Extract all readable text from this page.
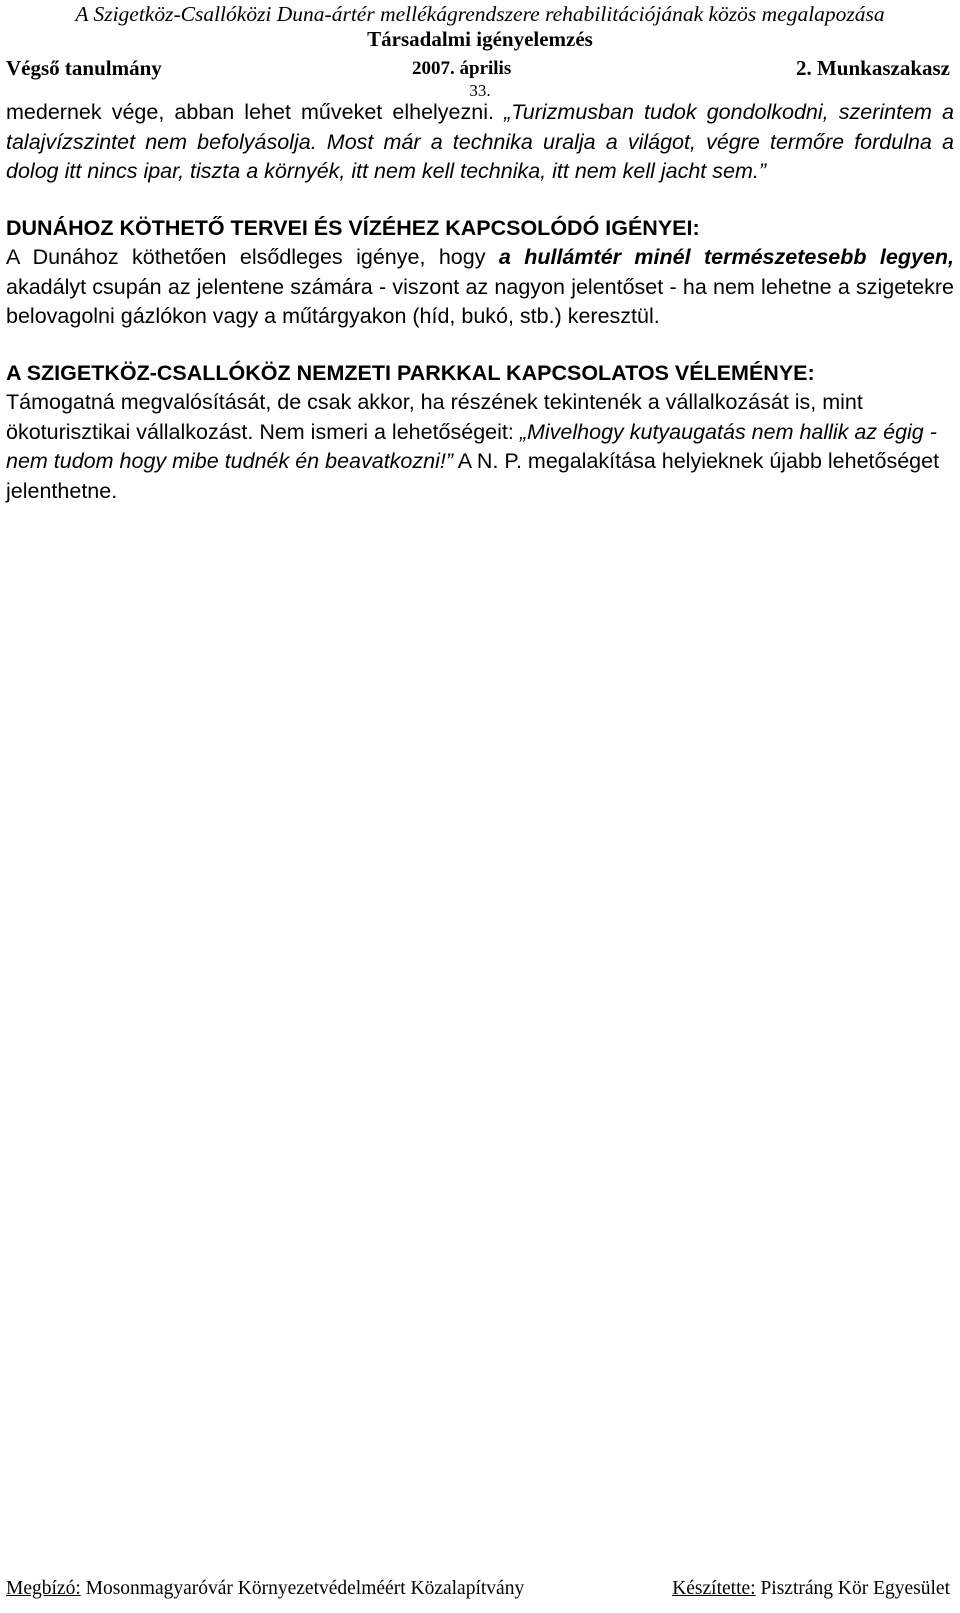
A Szigetköz-Csallóközi Duna-ártér mellékágrendszere rehabilitációjának közös megalapozása
Társadalmi igényelemzés
Végső tanulmány	2007. április	2. Munkaszakasz
33.

medernek vége, abban lehet műveket elhelyezni. „Turizmusban tudok gondolkodni, szerintem a talajvízszintet nem befolyásolja. Most már a technika uralja a világot, végre termőre fordulna a dolog itt nincs ipar, tiszta a környék, itt nem kell technika, itt nem kell jacht sem.”

DUNÁHOZ KÖTHETŐ TERVEI ÉS VÍZÉHEZ KAPCSOLÓDÓ IGÉNYEI:

A Dunához köthetően elsődleges igénye, hogy a hullámtér minél természetesebb legyen, akadályt csupán az jelentene számára - viszont az nagyon jelentőset - ha nem lehetne a szigetekre belovagolni gázlókon vagy a műtárgyakon (híd, bukó, stb.) keresztül.

A SZIGETKÖZ-CSALLÓKÖZ NEMZETI PARKKAL KAPCSOLATOS VÉLEMÉNYE:

Támogatná megvalósítását, de csak akkor, ha részének tekintenék a vállalkozását is, mint ökoturisztikai vállalkozást. Nem ismeri a lehetőségeit: „Mivelhogy kutyaugatás nem hallik az égig - nem tudom hogy mibe tudnék én beavatkozni!” A N. P. megalakítása helyieknek újabb lehetőséget jelenthetne.

Megbízó: Mosonmagyaróvár Környezetvédelméért Közalapítvány	Készítette: Pisztráng Kör Egyesület
